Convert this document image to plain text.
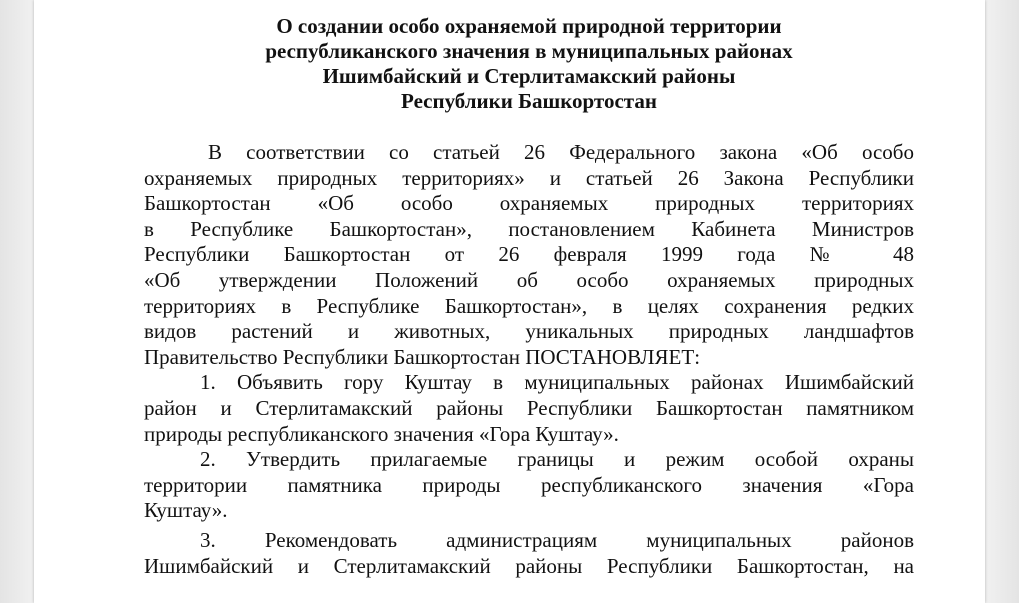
О создании особо охраняемой природной территории
республиканского значения в муниципальных районах
Ишимбайский и Стерлитамакский районы
Республики Башкортостан
В соответствии со статьей 26 Федерального закона «Об особо
охраняемых природных территориях» и статьей 26 Закона Республики
Башкортостан «Об особо охраняемых природных территориях
в Республике Башкортостан», постановлением Кабинета Министров
Республики Башкортостан от 26 февраля 1999 года № 48
«Об утверждении Положений об особо охраняемых природных
территориях в Республике Башкортостан», в целях сохранения редких
видов растений и животных, уникальных природных ландшафтов
Правительство Республики Башкортостан ПОСТАНОВЛЯЕТ:
1. Объявить гору Куштау в муниципальных районах Ишимбайский
район и Стерлитамакский районы Республики Башкортостан памятником
природы республиканского значения «Гора Куштау».
2. Утвердить прилагаемые границы и режим особой охраны
территории памятника природы республиканского значения «Гора
Куштау».
3. Рекомендовать администрациям муниципальных районов
Ишимбайский и Стерлитамакский районы Республики Башкортостан, на
